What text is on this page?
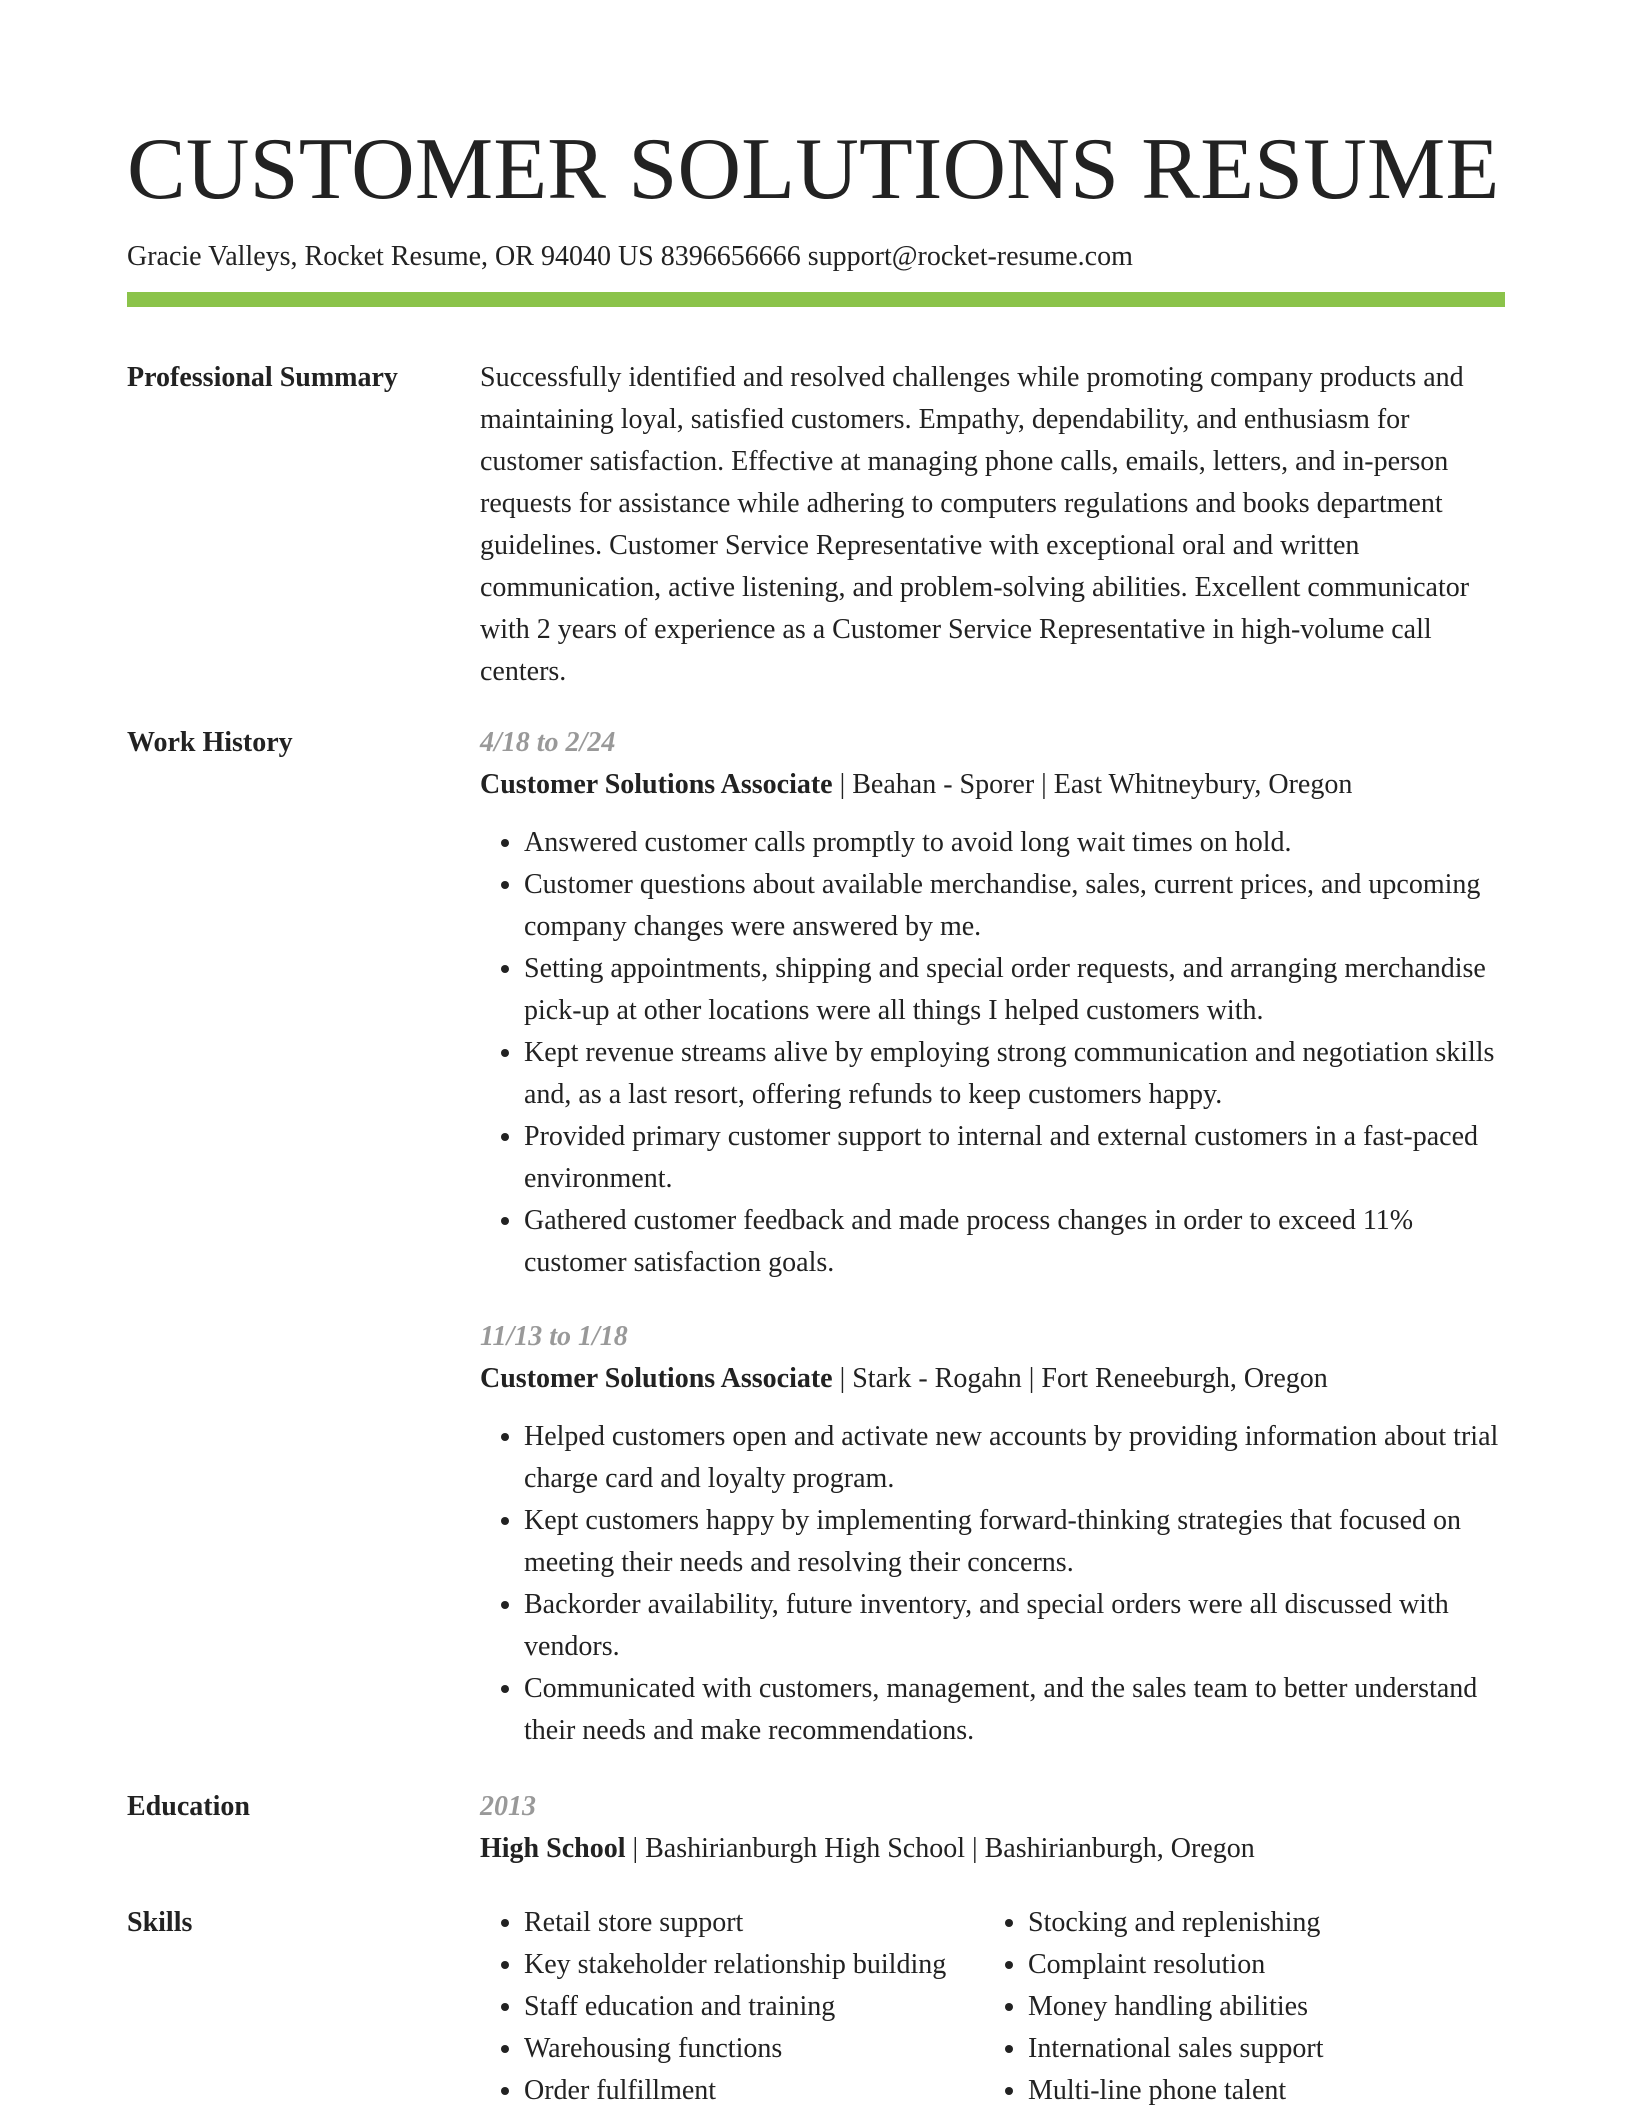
CUSTOMER SOLUTIONS RESUME
Gracie Valleys, Rocket Resume, OR 94040 US 8396656666 support@rocket-resume.com
Professional Summary	Successfully identified and resolved challenges while promoting company products and maintaining loyal, satisfied customers. Empathy, dependability, and enthusiasm for customer satisfaction. Effective at managing phone calls, emails, letters, and in-person requests for assistance while adhering to computers regulations and books department guidelines. Customer Service Representative with exceptional oral and written communication, active listening, and problem-solving abilities. Excellent communicator with 2 years of experience as a Customer Service Representative in high-volume call centers.
Work History	4/18 to 2/24
Customer Solutions Associate | Beahan - Sporer | East Whitneybury, Oregon
• Answered customer calls promptly to avoid long wait times on hold.
• Customer questions about available merchandise, sales, current prices, and upcoming company changes were answered by me.
• Setting appointments, shipping and special order requests, and arranging merchandise pick-up at other locations were all things I helped customers with.
• Kept revenue streams alive by employing strong communication and negotiation skills and, as a last resort, offering refunds to keep customers happy.
• Provided primary customer support to internal and external customers in a fast-paced environment.
• Gathered customer feedback and made process changes in order to exceed 11% customer satisfaction goals.
11/13 to 1/18
Customer Solutions Associate | Stark - Rogahn | Fort Reneeburgh, Oregon
• Helped customers open and activate new accounts by providing information about trial charge card and loyalty program.
• Kept customers happy by implementing forward-thinking strategies that focused on meeting their needs and resolving their concerns.
• Backorder availability, future inventory, and special orders were all discussed with vendors.
• Communicated with customers, management, and the sales team to better understand their needs and make recommendations.
Education	2013
High School | Bashirianburgh High School | Bashirianburgh, Oregon
Skills
•	Retail store support
• Key stakeholder relationship building
• Staff education and training
• Warehousing functions
• Order fulfillment
• Stocking and replenishing
• Complaint resolution
• Money handling abilities
• International sales support
• Multi-line phone talent
